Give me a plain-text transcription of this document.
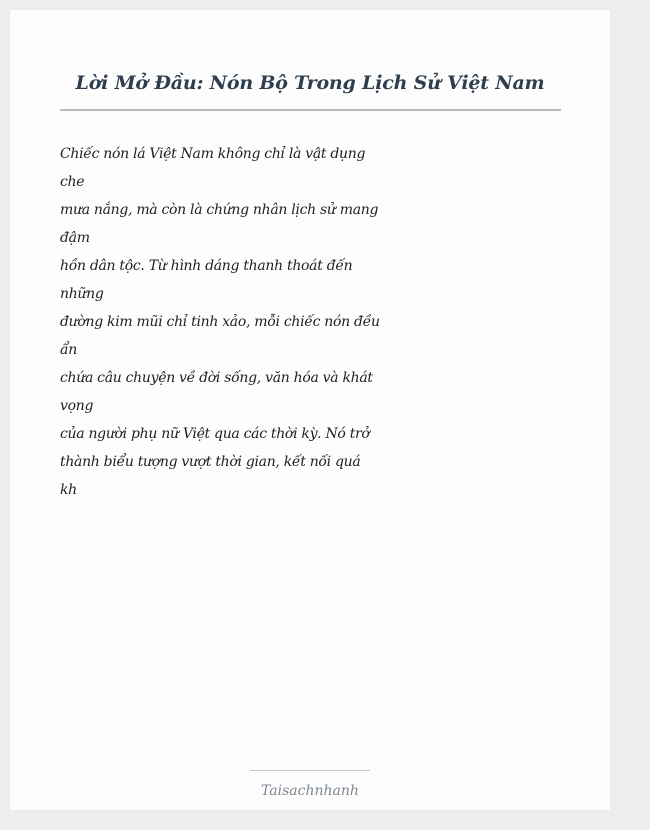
Lời Mở Đầu: Nón Bộ Trong Lịch Sử Việt Nam
Chiếc nón lá Việt Nam không chỉ là vật dụng
che
mưa nắng, mà còn là chứng nhân lịch sử mang
đậm
hồn dân tộc. Từ hình dáng thanh thoát đến
những
đường kim mũi chỉ tinh xảo, mỗi chiếc nón đều
ẩn
chứa câu chuyện về đời sống, văn hóa và khát
vọng
của người phụ nữ Việt qua các thời kỳ. Nó trở
thành biểu tượng vượt thời gian, kết nối quá
kh
Taisachnhanh
